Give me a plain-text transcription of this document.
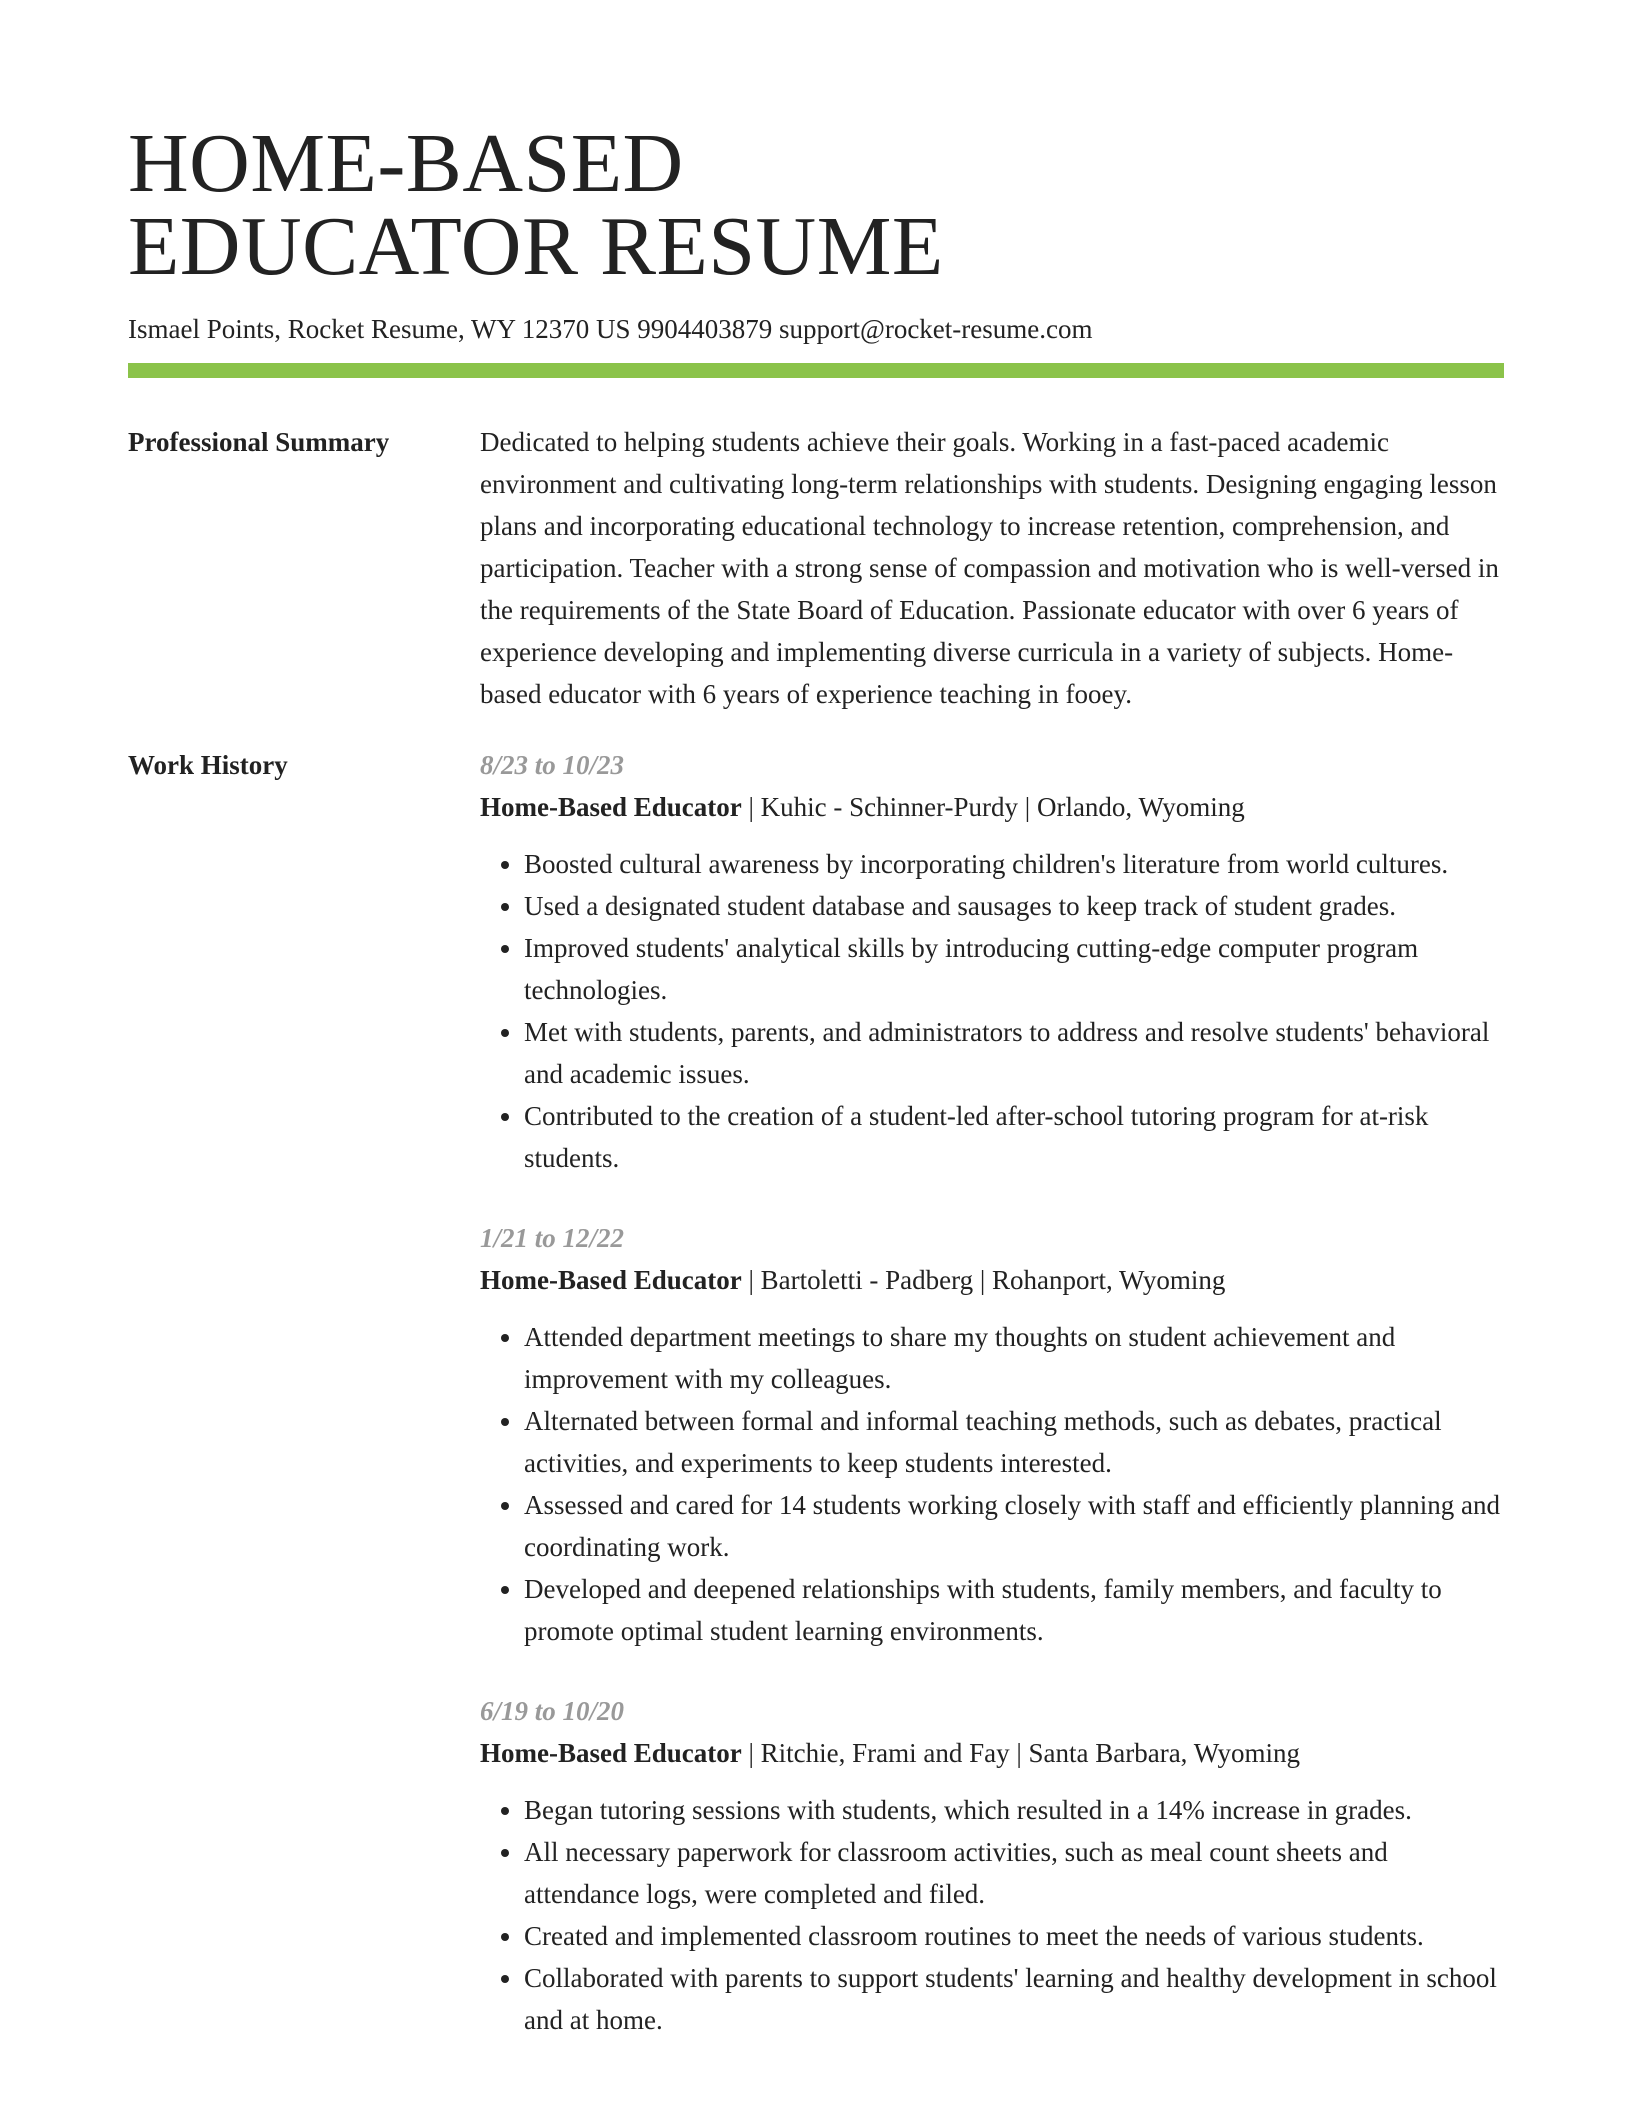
HOME-BASED
EDUCATOR RESUME
Ismael Points, Rocket Resume, WY 12370 US 9904403879 support@rocket-resume.com
Professional Summary	Dedicated to helping students achieve their goals. Working in a fast-paced academic environment and cultivating long-term relationships with students. Designing engaging lesson plans and incorporating educational technology to increase retention, comprehension, and participation. Teacher with a strong sense of compassion and motivation who is well-versed in the requirements of the State Board of Education. Passionate educator with over 6 years of experience developing and implementing diverse curricula in a variety of subjects. Home-based educator with 6 years of experience teaching in fooey.

Work History	8/23 to 10/23
Home-Based Educator | Kuhic - Schinner-Purdy | Orlando, Wyoming
• Boosted cultural awareness by incorporating children's literature from world cultures.
• Used a designated student database and sausages to keep track of student grades.
• Improved students' analytical skills by introducing cutting-edge computer program technologies.
• Met with students, parents, and administrators to address and resolve students' behavioral and academic issues.
• Contributed to the creation of a student-led after-school tutoring program for at-risk students.
1/21 to 12/22
Home-Based Educator | Bartoletti - Padberg | Rohanport, Wyoming
• Attended department meetings to share my thoughts on student achievement and improvement with my colleagues.
• Alternated between formal and informal teaching methods, such as debates, practical activities, and experiments to keep students interested.
• Assessed and cared for 14 students working closely with staff and efficiently planning and coordinating work.
• Developed and deepened relationships with students, family members, and faculty to promote optimal student learning environments.
6/19 to 10/20
Home-Based Educator | Ritchie, Frami and Fay | Santa Barbara, Wyoming
• Began tutoring sessions with students, which resulted in a 14% increase in grades.
• All necessary paperwork for classroom activities, such as meal count sheets and attendance logs, were completed and filed.
• Created and implemented classroom routines to meet the needs of various students.
• Collaborated with parents to support students' learning and healthy development in school and at home.
